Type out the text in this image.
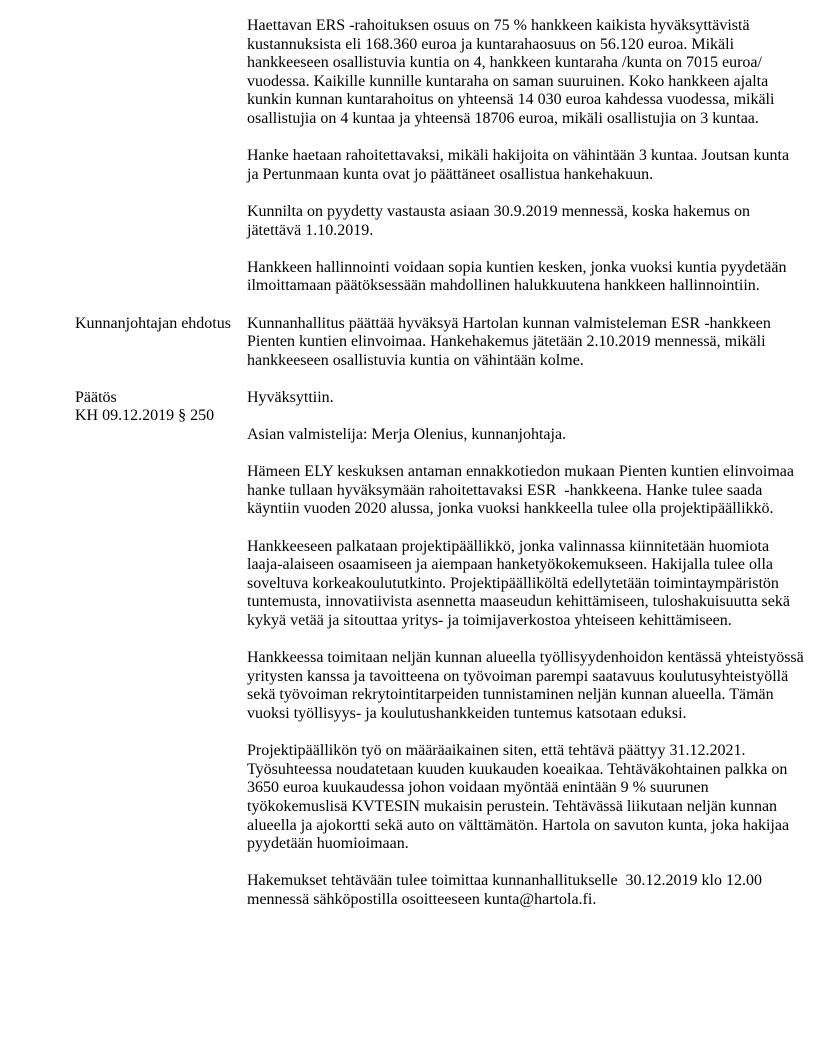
Haettavan ERS -rahoituksen osuus on 75 % hankkeen kaikista hyväksyttävistä kustannuksista eli 168.360 euroa ja kuntarahaosuus on 56.120 euroa. Mikäli hankkeeseen osallistuvia kuntia on 4, hankkeen kuntaraha /kunta on 7015 euroa/ vuodessa. Kaikille kunnille kuntaraha on saman suuruinen. Koko hankkeen ajalta kunkin kunnan kuntarahoitus on yhteensä 14 030 euroa kahdessa vuodessa, mikäli osallistujia on 4 kuntaa ja yhteensä 18706 euroa, mikäli osallistujia on 3 kuntaa.

Hanke haetaan rahoitettavaksi, mikäli hakijoita on vähintään 3 kuntaa. Joutsan kunta ja Pertunmaan kunta ovat jo päättäneet osallistua hankehakuun.

Kunnilta on pyydetty vastausta asiaan 30.9.2019 mennessä, koska hakemus on jätettävä 1.10.2019.

Hankkeen hallinnointi voidaan sopia kuntien kesken, jonka vuoksi kuntia pyydetään ilmoittamaan päätöksessään mahdollinen halukkuutena hankkeen hallinnointiin.

Kunnanjohtajan ehdotus	Kunnanhallitus päättää hyväksyä Hartolan kunnan valmisteleman ESR -hankkeen Pienten kuntien elinvoimaa. Hankehakemus jätetään 2.10.2019 mennessä, mikäli hankkeeseen osallistuvia kuntia on vähintään kolme.

Päätös

KH 09.12.2019 § 250

Hyväksyttiin.

Asian valmistelija: Merja Olenius, kunnanjohtaja.

Hämeen ELY keskuksen antaman ennakkotiedon mukaan Pienten kuntien elinvoimaa hanke tullaan hyväksymään rahoitettavaksi ESR  -hankkeena. Hanke tulee saada käyntiin vuoden 2020 alussa, jonka vuoksi hankkeella tulee olla projektipäällikkö.

Hankkeeseen palkataan projektipäällikkö, jonka valinnassa kiinnitetään huomiota laaja-alaiseen osaamiseen ja aiempaan hanketyökokemukseen. Hakijalla tulee olla soveltuva korkeakoulututkinto. Projektipäälliköltä edellytetään toimintaympäristön tuntemusta, innovatiivista asennetta maaseudun kehittämiseen, tuloshakuisuutta sekä kykyä vetää ja sitouttaa yritys- ja toimijaverkostoa yhteiseen kehittämiseen.

Hankkeessa toimitaan neljän kunnan alueella työllisyydenhoidon kentässä yhteistyössä yritysten kanssa ja tavoitteena on työvoiman parempi saatavuus koulutusyhteistyöllä sekä työvoiman rekrytointitarpeiden tunnistaminen neljän kunnan alueella. Tämän vuoksi työllisyys- ja koulutushankkeiden tuntemus katsotaan eduksi.

Projektipäällikön työ on määräaikainen siten, että tehtävä päättyy 31.12.2021. Työsuhteessa noudatetaan kuuden kuukauden koeaikaa. Tehtäväkohtainen palkka on 3650 euroa kuukaudessa johon voidaan myöntää enintään 9 % suurunen työkokemuslisä KVTESIN mukaisin perustein. Tehtävässä liikutaan neljän kunnan alueella ja ajokortti sekä auto on välttämätön. Hartola on savuton kunta, joka hakijaa pyydetään huomioimaan.

Hakemukset tehtävään tulee toimittaa kunnanhallitukselle  30.12.2019 klo 12.00 mennessä sähköpostilla osoitteeseen kunta@hartola.fi.
